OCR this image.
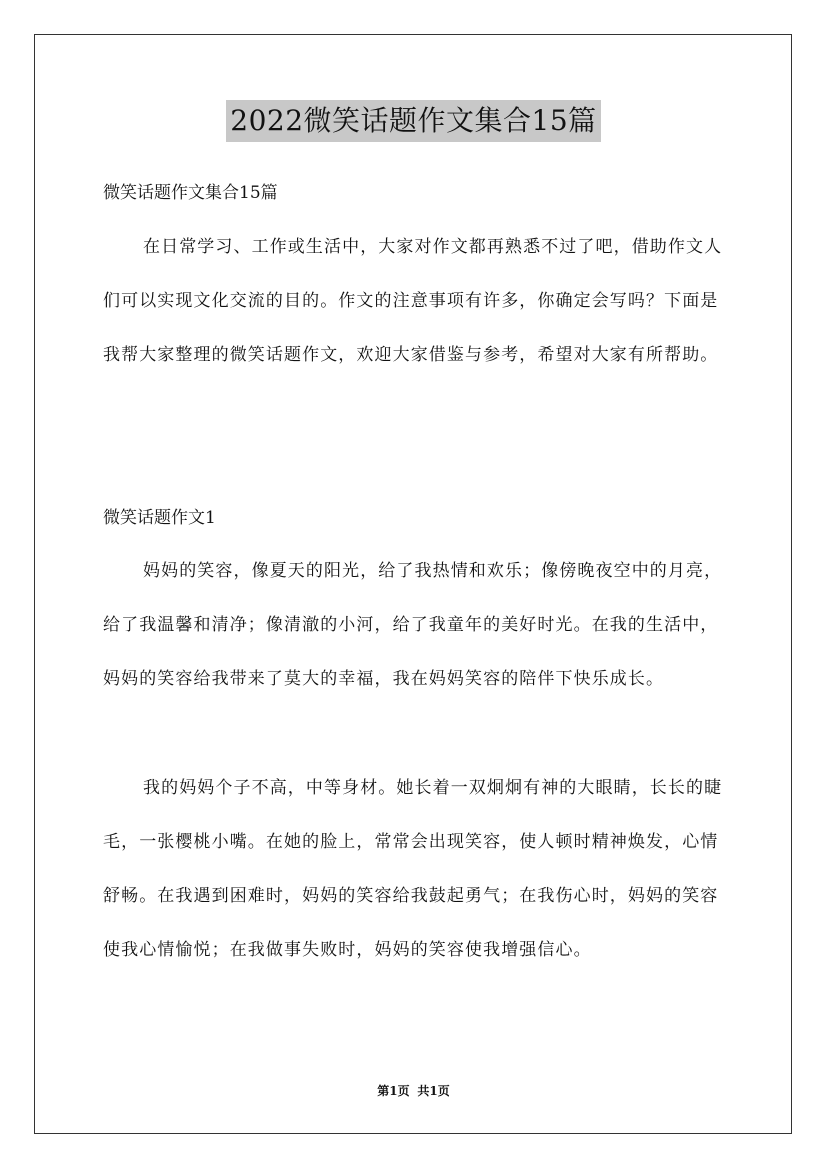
2022微笑话题作文集合15篇
微笑话题作文集合15篇

在日常学习、工作或生活中，大家对作文都再熟悉不过了吧，借助作文人们可以实现文化交流的目的。作文的注意事项有许多，你确定会写吗？下面是我帮大家整理的微笑话题作文，欢迎大家借鉴与参考，希望对大家有所帮助。

微笑话题作文1

妈妈的笑容，像夏天的阳光，给了我热情和欢乐；像傍晚夜空中的月亮，给了我温馨和清净；像清澈的小河，给了我童年的美好时光。在我的生活中，妈妈的笑容给我带来了莫大的幸福，我在妈妈笑容的陪伴下快乐成长。

我的妈妈个子不高，中等身材。她长着一双炯炯有神的大眼睛，长长的睫毛，一张樱桃小嘴。在她的脸上，常常会出现笑容，使人顿时精神焕发，心情舒畅。在我遇到困难时，妈妈的笑容给我鼓起勇气；在我伤心时，妈妈的笑容使我心情愉悦；在我做事失败时，妈妈的笑容使我增强信心。

第1页 共1页
